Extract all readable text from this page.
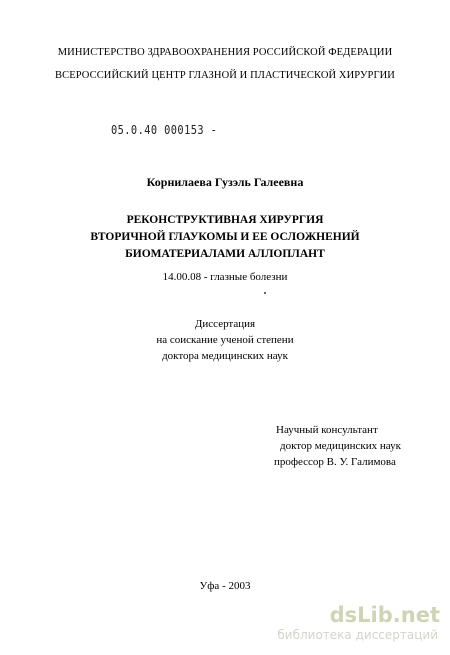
МИНИСТЕРСТВО ЗДРАВООХРАНЕНИЯ РОССИЙСКОЙ ФЕДЕРАЦИИ
ВСЕРОССИЙСКИЙ ЦЕНТР ГЛАЗНОЙ И ПЛАСТИЧЕСКОЙ ХИРУРГИИ
05.0.40 000153 -
Корнилаева Гузэль Галеевна
РЕКОНСТРУКТИВНАЯ ХИРУРГИЯ
ВТОРИЧНОЙ ГЛАУКОМЫ И ЕЕ ОСЛОЖНЕНИЙ
БИОМАТЕРИАЛАМИ АЛЛОПЛАНТ
14.00.08 - глазные болезни
Диссертация
на соискание ученой степени
доктора медицинских наук
Научный консультант
доктор медицинских наук
профессор В. У. Галимова
Уфа - 2003
dsLib.net
библиотека диссертаций
